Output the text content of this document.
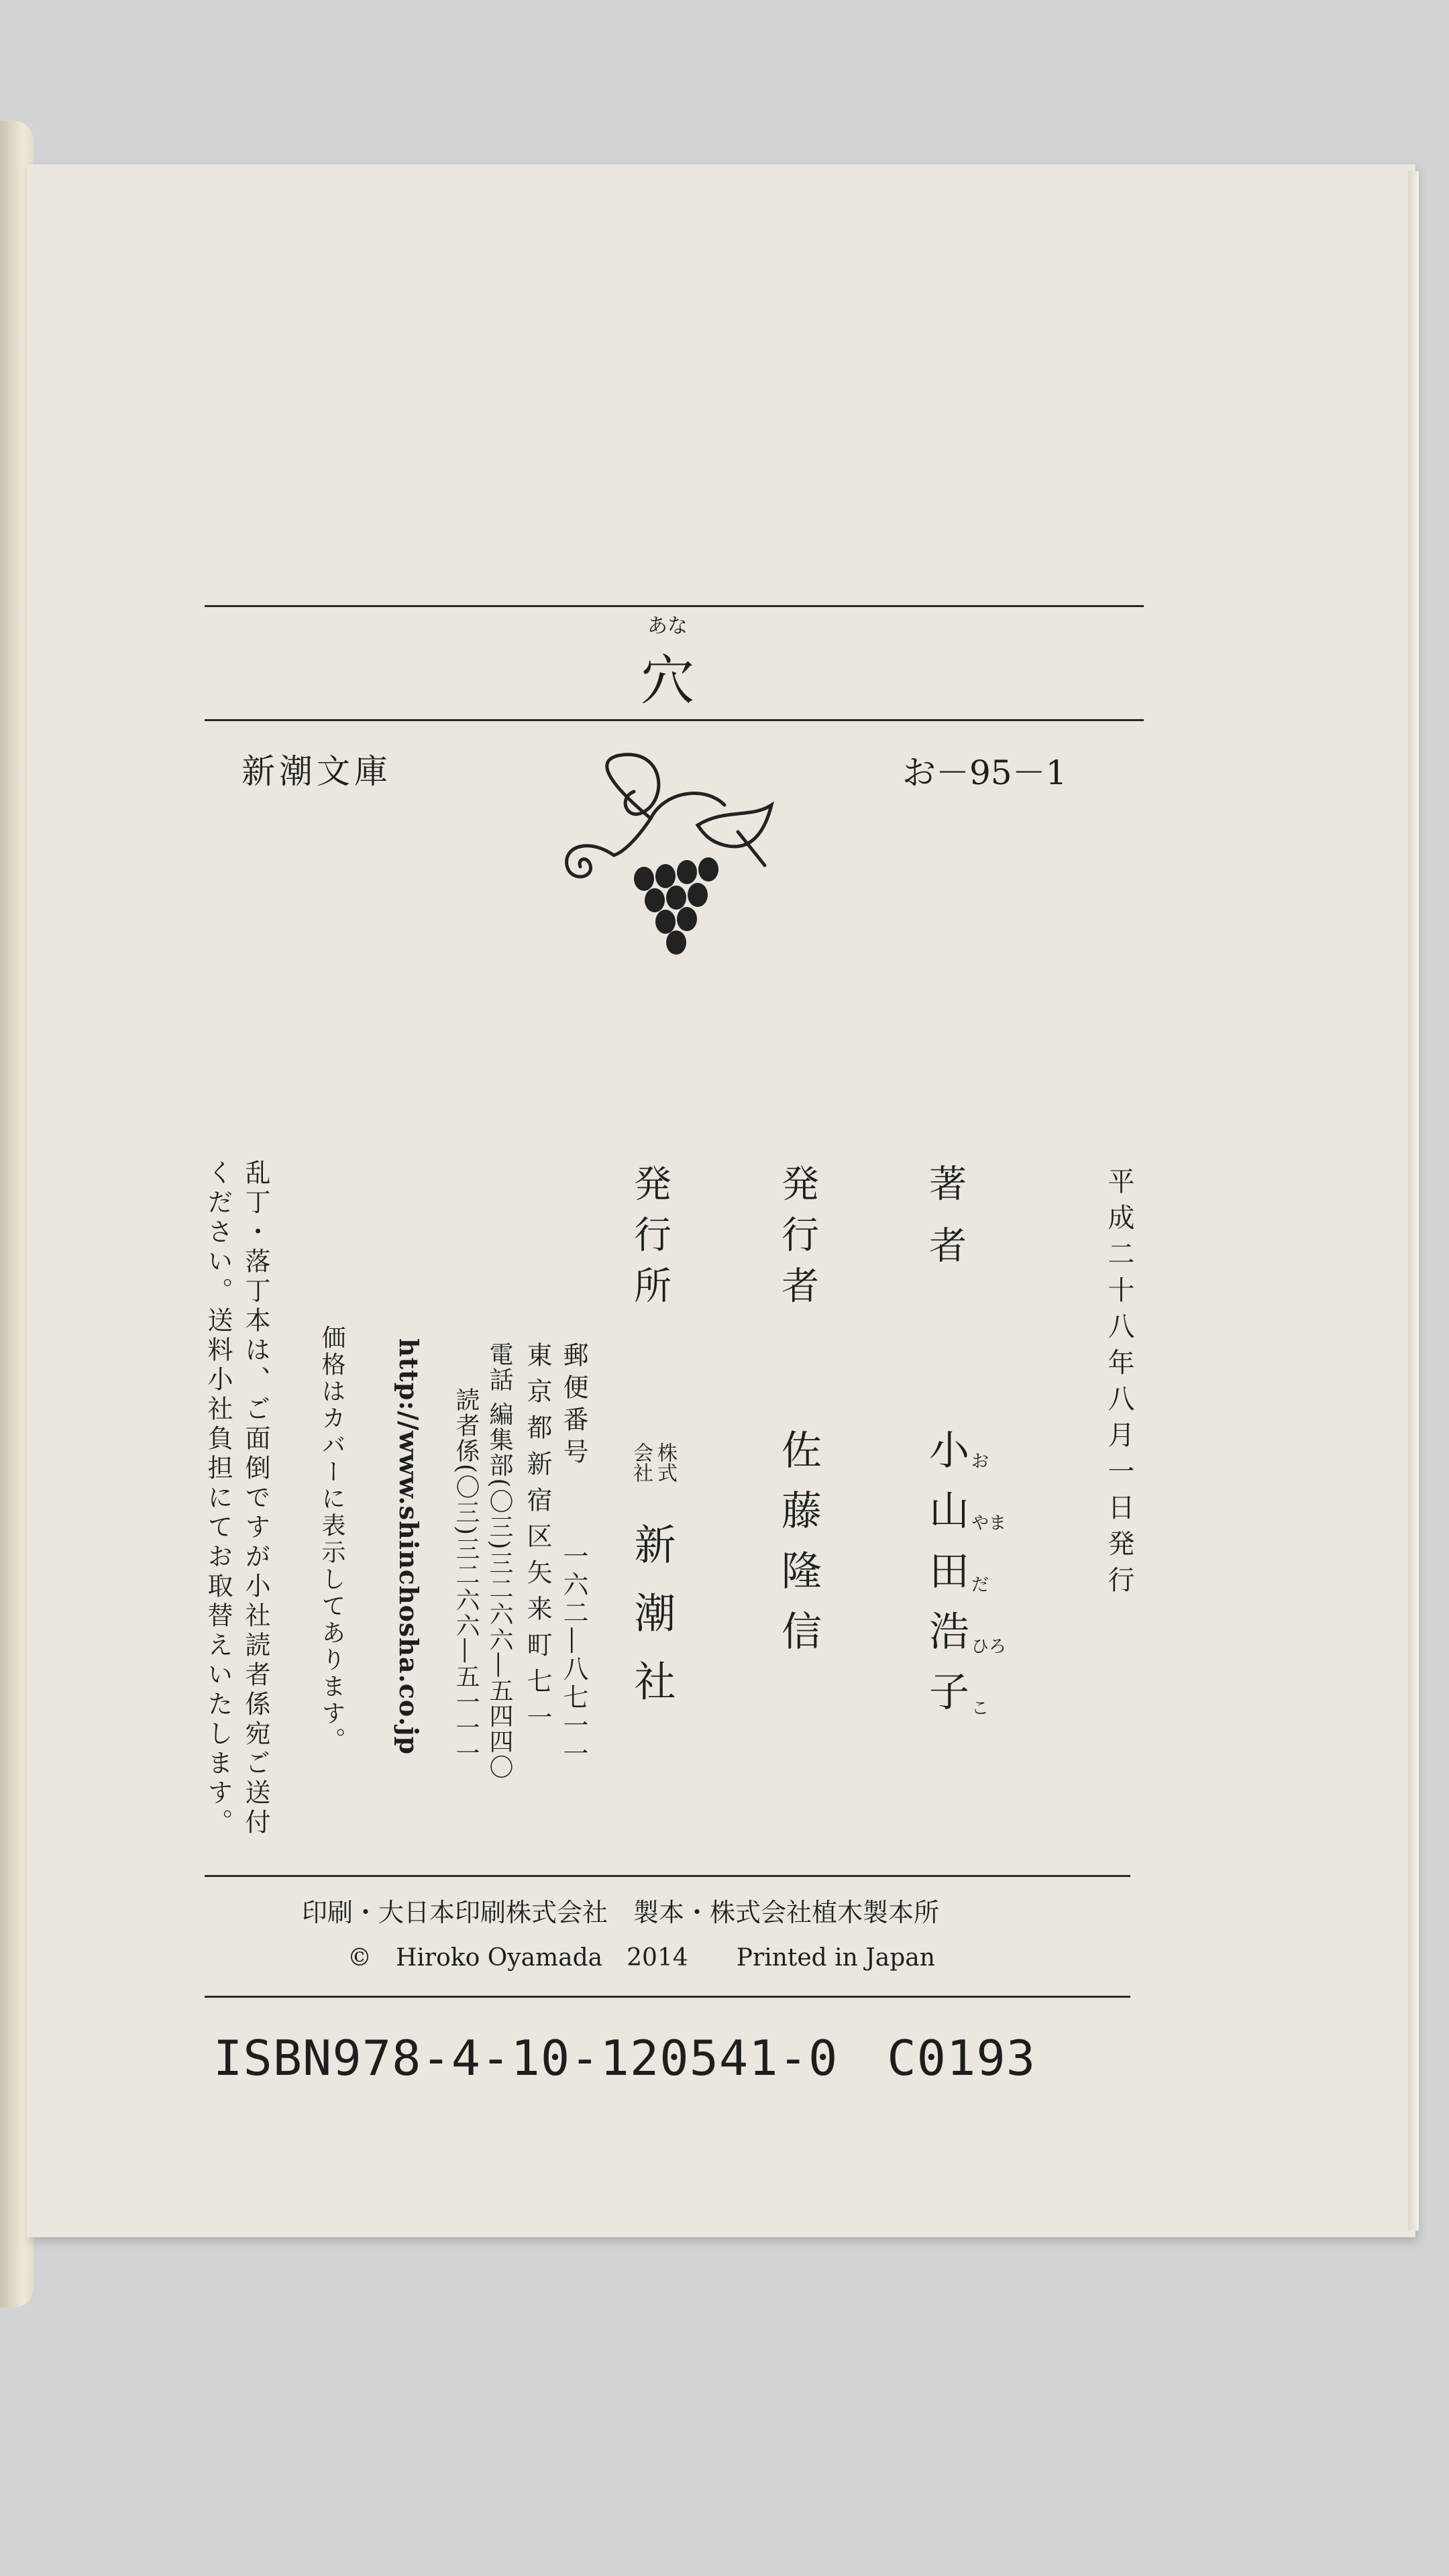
あな
穴
新潮文庫	お－95－1
平成二十八年八月一日発行
著者
小山田浩子 お
やま
だ
ひろ
こ
発行者
佐藤隆信
発行所
株式
会社
新潮社
郵便番号
一六二―八七一一
東京都新宿区矢来町七一
電話 編集部(〇三)三二六六―五四四〇
読者係(〇三)三二六六―五一一一
http://www.shinchosha.co.jp
価格はカバーに表示してあります。
乱丁・落丁本は、ご面倒ですが小社読者係宛ご送付
ください。送料小社負担にてお取替えいたします。
印刷・大日本印刷株式会社　製本・株式会社植木製本所
©　Hiroko Oyamada　2014　　Printed in Japan
ISBN978-4-10-120541-0　C0193
